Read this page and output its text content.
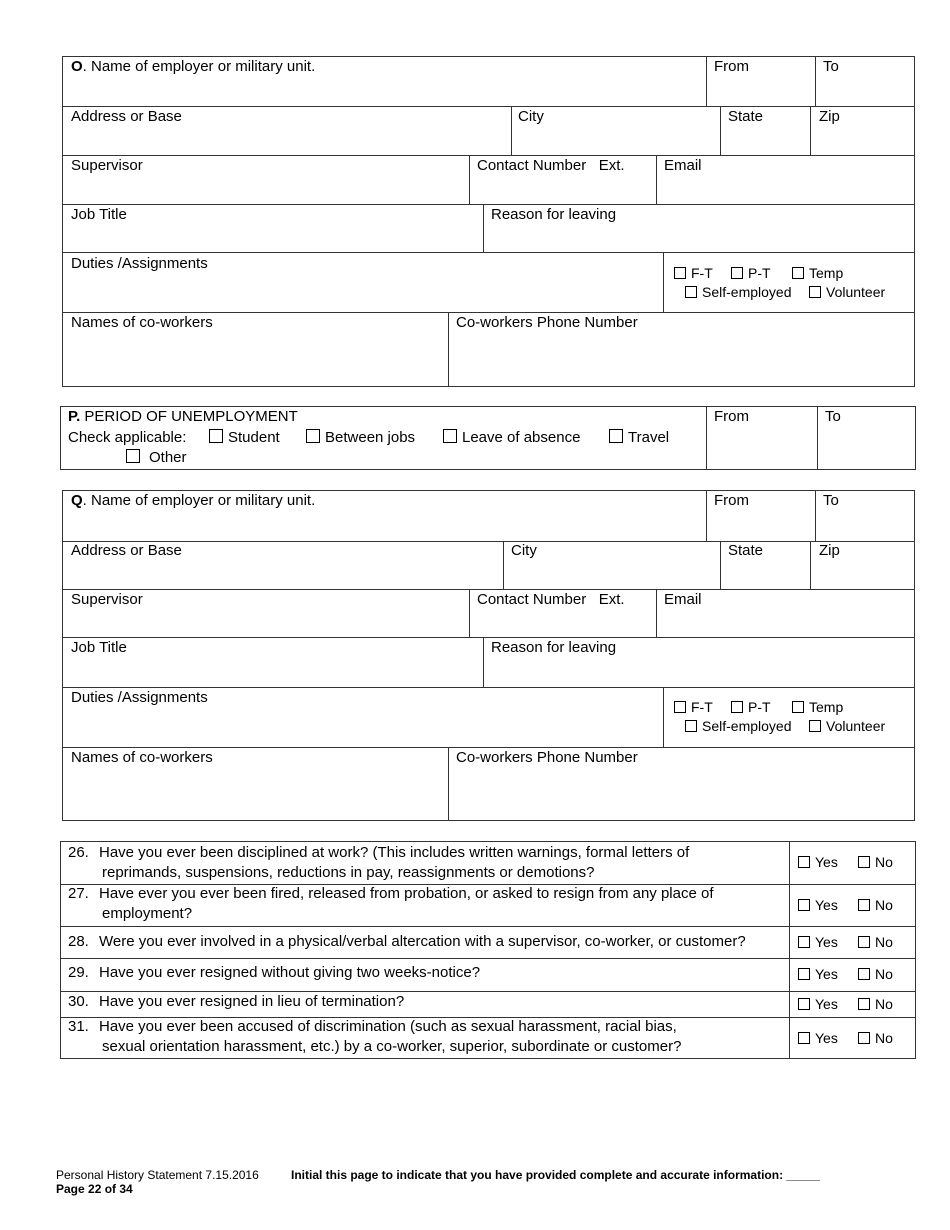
O. Name of employer or military unit.	From	To
Address or Base	City	State	Zip
Supervisor	Contact Number   Ext.	Email
Job Title	Reason for leaving
Duties /Assignments
F-T	P-T	Temp
Self-employed	Volunteer
Names of co-workers	Co-workers Phone Number
P. PERIOD OF UNEMPLOYMENT
Check applicable:	Student	Between jobs	Leave of absence	Travel
Other
From	To
Q. Name of employer or military unit.	From	To
Address or Base	City	State	Zip
Supervisor	Contact Number   Ext.	Email
Job Title	Reason for leaving
Duties /Assignments
F-T	P-T	Temp
Self-employed	Volunteer
Names of co-workers	Co-workers Phone Number
26. Have you ever been disciplined at work? (This includes written warnings, formal letters of
reprimands, suspensions, reductions in pay, reassignments or demotions?
Yes	No
27. Have ever you ever been fired, released from probation, or asked to resign from any place of
employment?	Yes	No
28. Were you ever involved in a physical/verbal altercation with a supervisor, co-worker, or customer?	Yes	No
29. Have you ever resigned without giving two weeks-notice?	Yes	No
30. Have you ever resigned in lieu of termination?	Yes	No
31. Have you ever been accused of discrimination (such as sexual harassment, racial bias,
sexual orientation harassment, etc.) by a co-worker, superior, subordinate or customer?	Yes	No
Personal History Statement 7.15.2016	Initial this page to indicate that you have provided complete and accurate information: _____
Page 22 of 34
